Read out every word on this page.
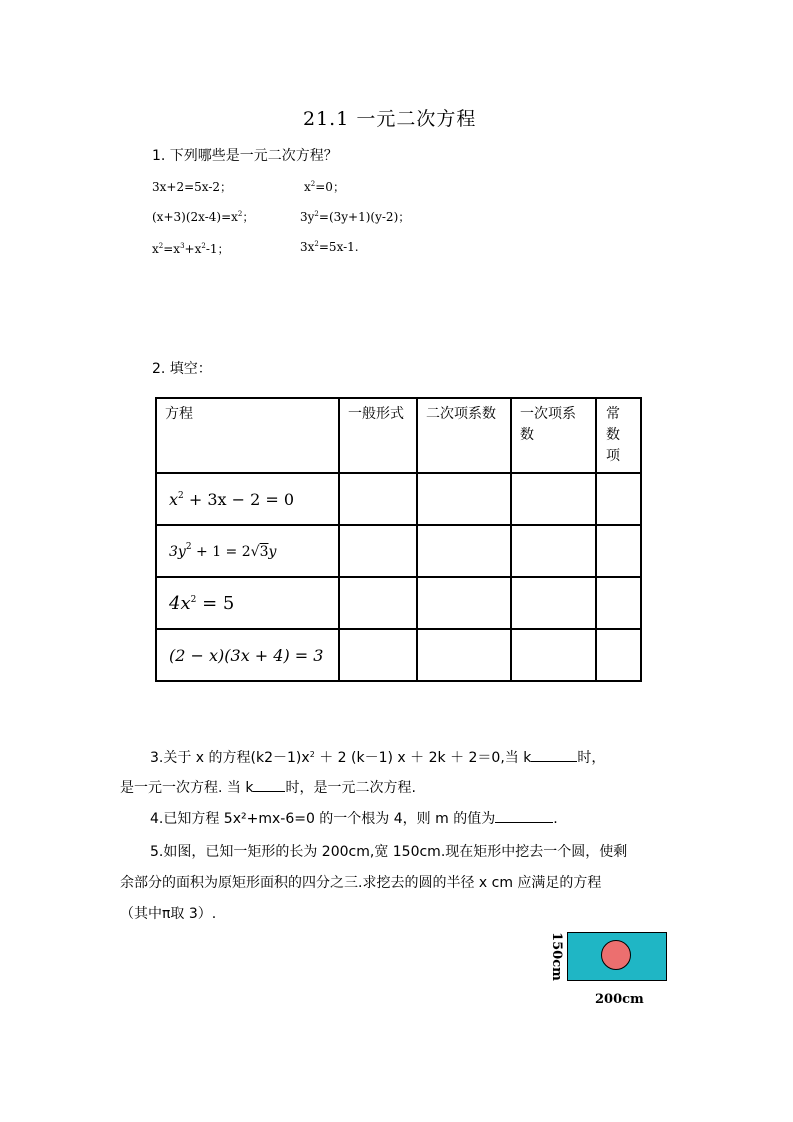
21.1 一元二次方程
1. 下列哪些是一元二次方程？
3x+2=5x-2；	$x^2=0$；
$(x+3)(2x-4)=x^2$；	$3y^2=(3y+1)(y-2)$；
$x^2=x^3+x^2-1$；	$3x^2=5x-1$.
2. 填空：
方程	一般形式	二次项系数	一次项系数	常数项

$x^2 + 3x - 2 = 0$				
$3y^2 + 1 = 2√3y$				
$4x^2 = 5$				
(2 − x)(3x + 4) = 3				
3.关于 x 的方程$(k2-1)x^2 + 2$ (k－1) x ＋ 2k ＋ 2＝0,当 k	时，
是一元一次方程. 当 k 时，是一元二次方程.
4.已知方程 5x²+mx-6=0 的一个根为 4，则 m 的值为	.
5.如图，已知一矩形的长为 200cm,宽 150cm.现在矩形中挖去一个圆，使剩
余部分的面积为原矩形面积的四分之三.求挖去的圆的半径 x cm 应满足的方程
（其中π取 3）.
150cm
200cm
